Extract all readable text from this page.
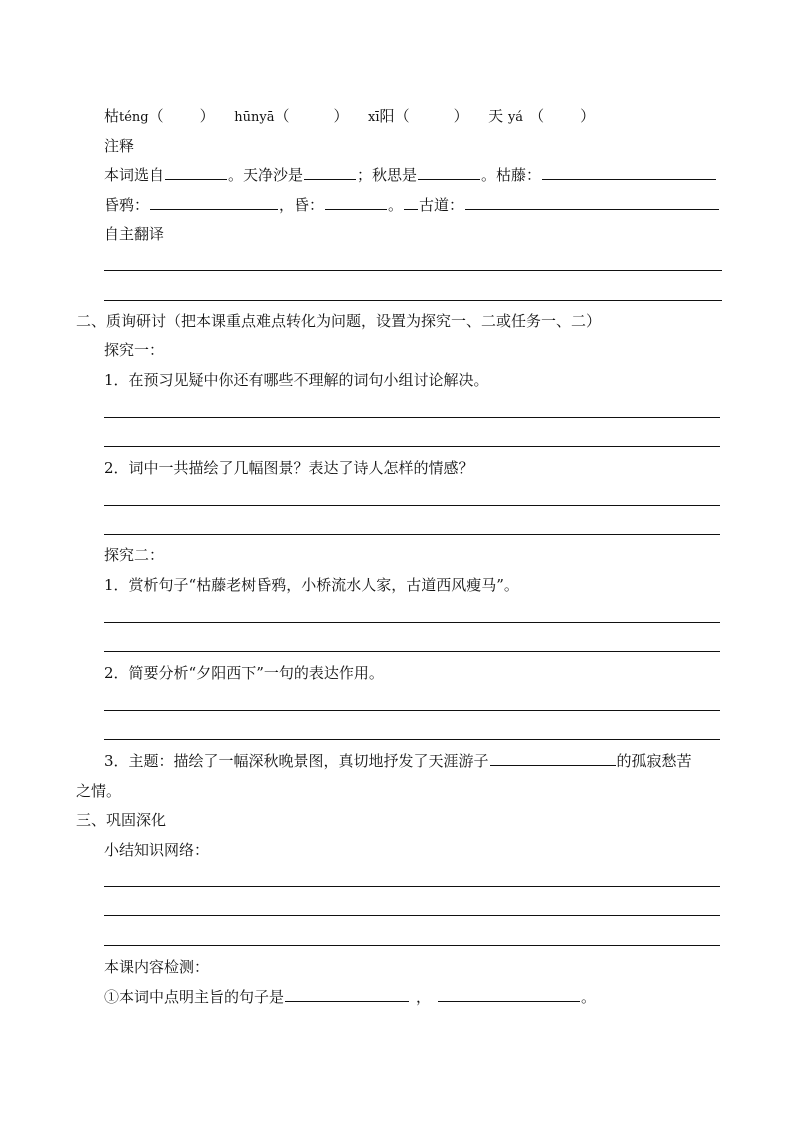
枯téng（ ） hūnyā（	） xī阳（	） 天 yá （ ）
注释
本词选自	。天净沙是	；秋思是	。枯藤：
昏鸦：	，昏：	。 古道：
自主翻译
二、质询研讨（把本课重点难点转化为问题，设置为探究一、二或任务一、二）
探究一：
1．在预习见疑中你还有哪些不理解的词句小组讨论解决。
2．词中一共描绘了几幅图景？表达了诗人怎样的情感？
探究二：
1．赏析句子“枯藤老树昏鸦，小桥流水人家，古道西风瘦马”。
2．简要分析“夕阳西下”一句的表达作用。
3．主题：描绘了一幅深秋晚景图，真切地抒发了天涯游子	的孤寂愁苦
之情。
三、巩固深化
小结知识网络：
本课内容检测：
①本词中点明主旨的句子是	，	。
